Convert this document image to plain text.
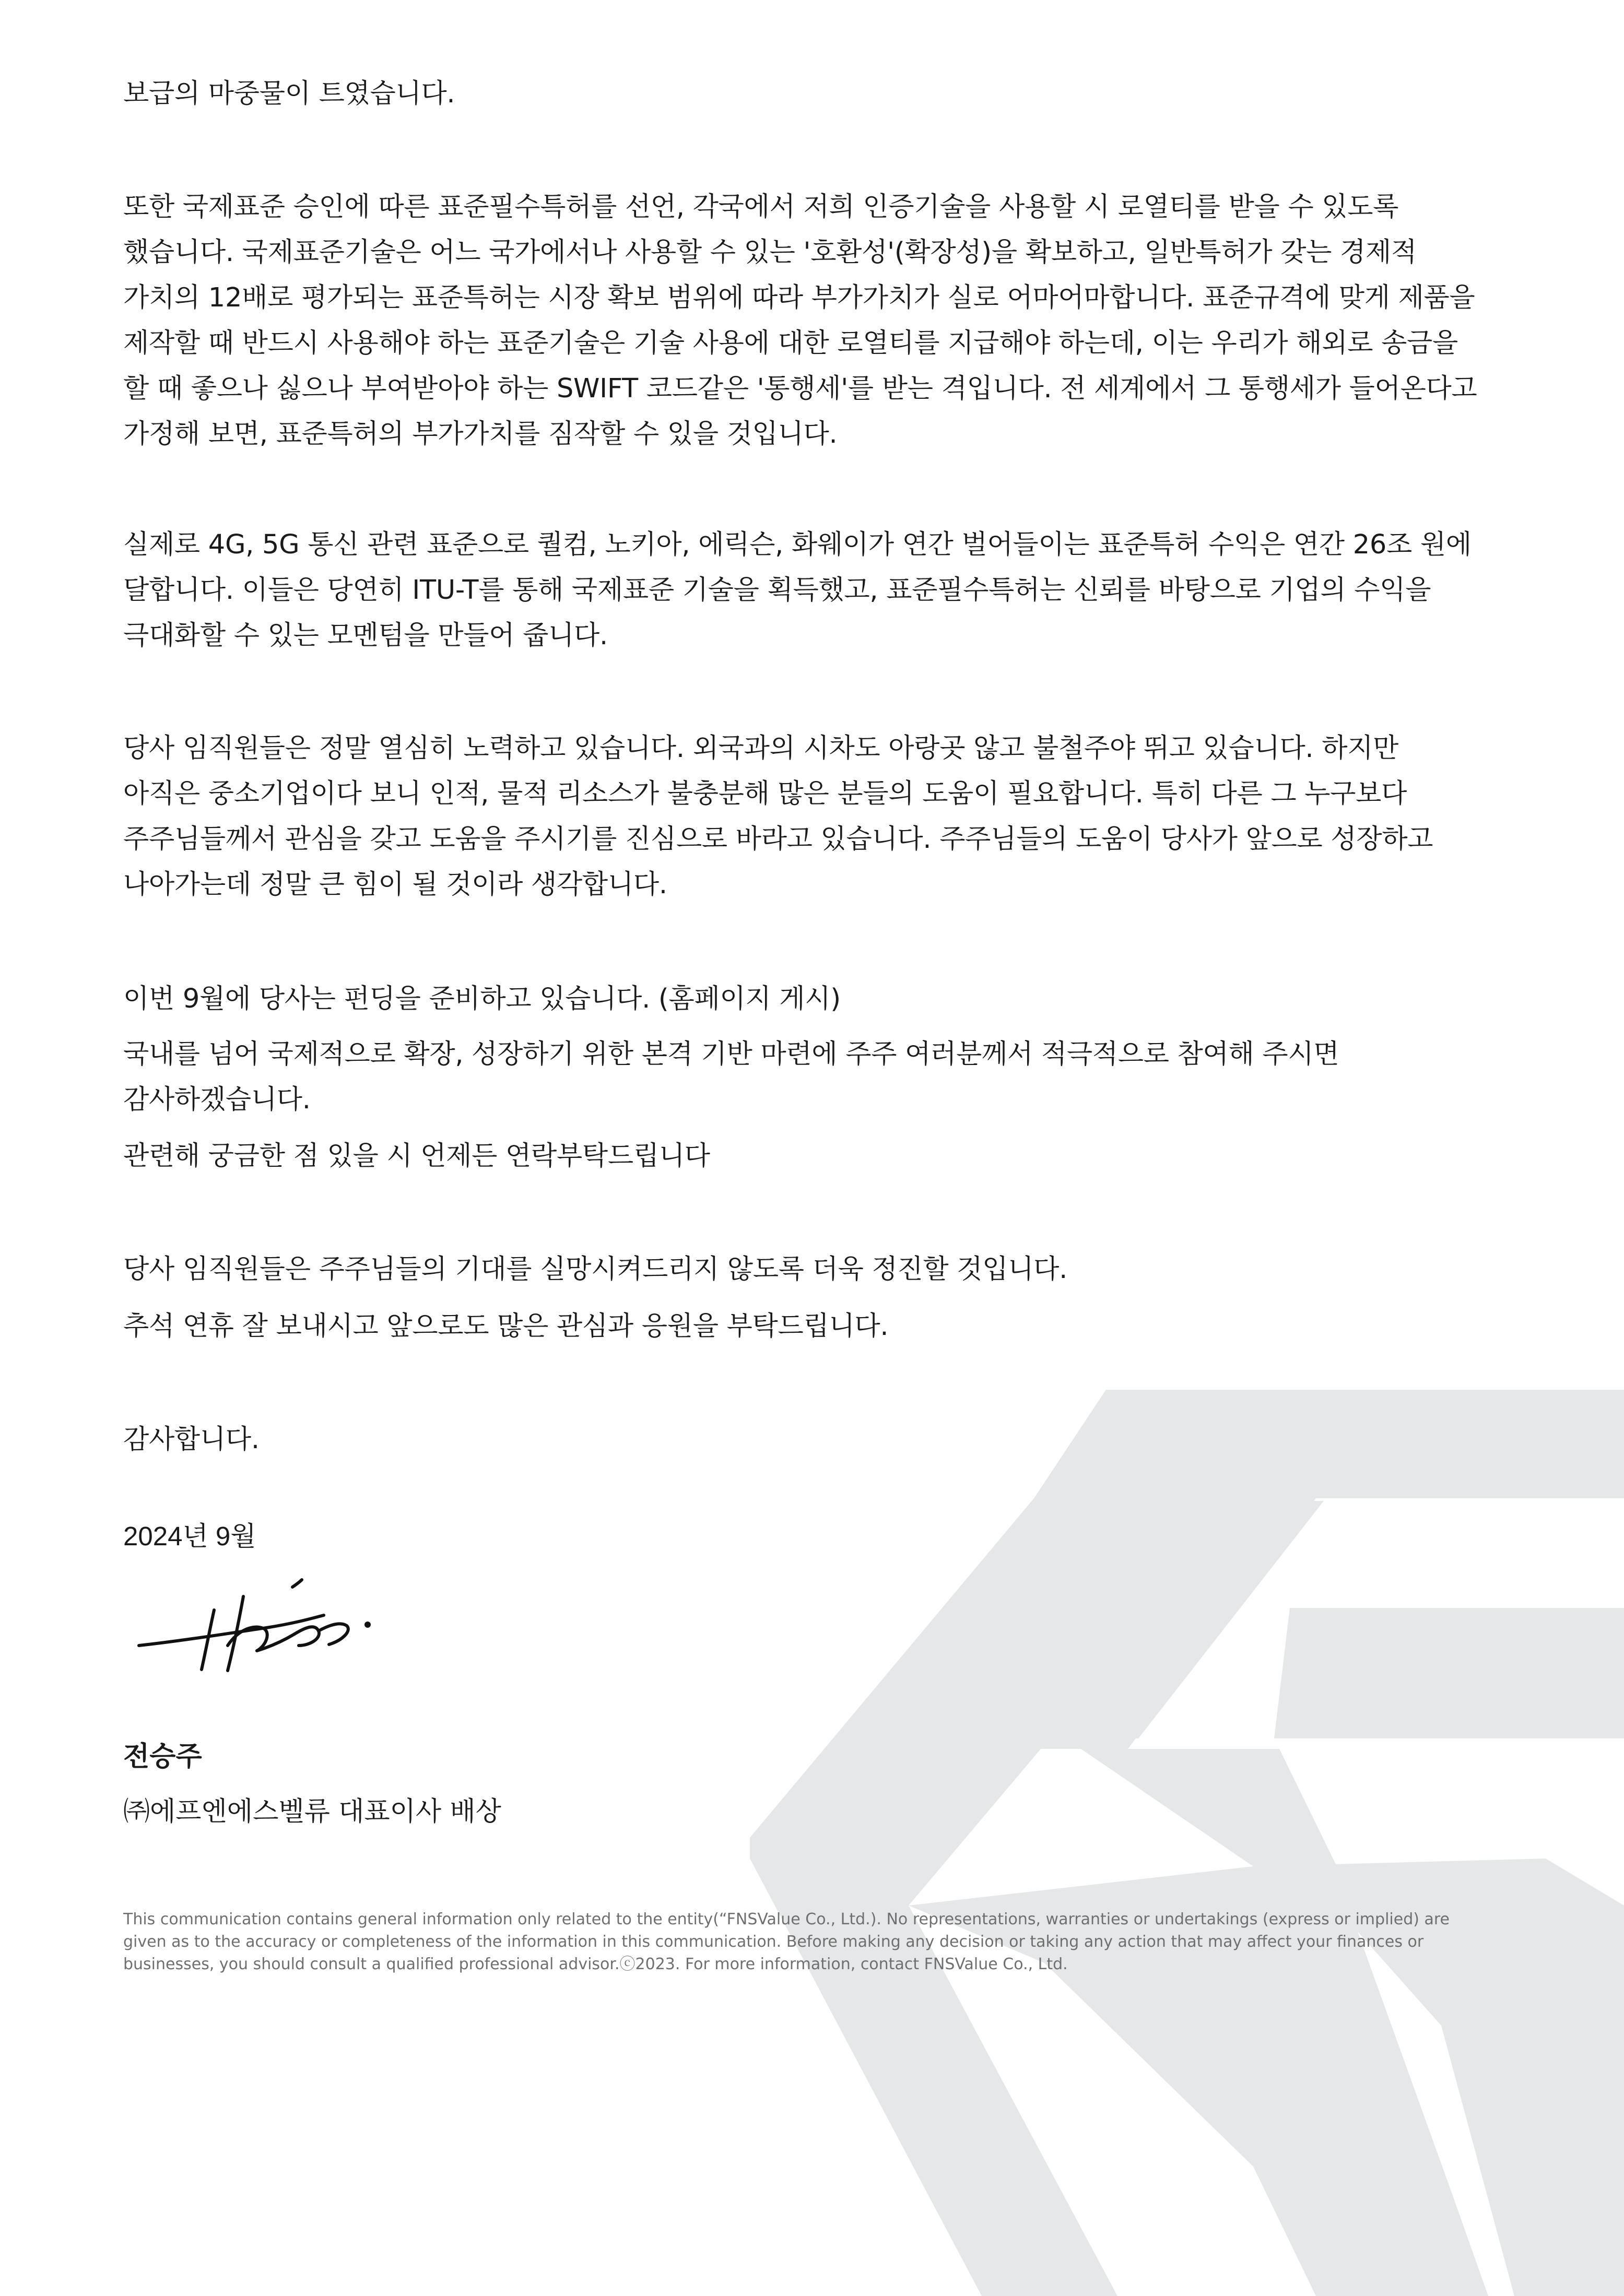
보급의 마중물이 트였습니다.

또한 국제표준 승인에 따른 표준필수특허를 선언, 각국에서 저희 인증기술을 사용할 시 로열티를 받을 수 있도록
했습니다. 국제표준기술은 어느 국가에서나 사용할 수 있는 '호환성'(확장성)을 확보하고, 일반특허가 갖는 경제적
가치의 12배로 평가되는 표준특허는 시장 확보 범위에 따라 부가가치가 실로 어마어마합니다. 표준규격에 맞게 제품을
제작할 때 반드시 사용해야 하는 표준기술은 기술 사용에 대한 로열티를 지급해야 하는데, 이는 우리가 해외로 송금을
할 때 좋으나 싫으나 부여받아야 하는 SWIFT 코드같은 '통행세'를 받는 격입니다. 전 세계에서 그 통행세가 들어온다고
가정해 보면, 표준특허의 부가가치를 짐작할 수 있을 것입니다.

실제로 4G, 5G 통신 관련 표준으로 퀄컴, 노키아, 에릭슨, 화웨이가 연간 벌어들이는 표준특허 수익은 연간 26조 원에
달합니다. 이들은 당연히 ITU-T를 통해 국제표준 기술을 획득했고, 표준필수특허는 신뢰를 바탕으로 기업의 수익을
극대화할 수 있는 모멘텀을 만들어 줍니다.

당사 임직원들은 정말 열심히 노력하고 있습니다. 외국과의 시차도 아랑곳 않고 불철주야 뛰고 있습니다. 하지만
아직은 중소기업이다 보니 인적, 물적 리소스가 불충분해 많은 분들의 도움이 필요합니다. 특히 다른 그 누구보다
주주님들께서 관심을 갖고 도움을 주시기를 진심으로 바라고 있습니다. 주주님들의 도움이 당사가 앞으로 성장하고
나아가는데 정말 큰 힘이 될 것이라 생각합니다.

이번 9월에 당사는 펀딩을 준비하고 있습니다. (홈페이지 게시)

국내를 넘어 국제적으로 확장, 성장하기 위한 본격 기반 마련에 주주 여러분께서 적극적으로 참여해 주시면
감사하겠습니다.

관련해 궁금한 점 있을 시 언제든 연락부탁드립니다

당사 임직원들은 주주님들의 기대를 실망시켜드리지 않도록 더욱 정진할 것입니다.

추석 연휴 잘 보내시고 앞으로도 많은 관심과 응원을 부탁드립니다.

감사합니다.

2024년 9월

전승주

㈜에프엔에스벨류 대표이사 배상

This communication contains general information only related to the entity(“FNSValue Co., Ltd.). No representations, warranties or undertakings (express or implied) are
given as to the accuracy or completeness of the information in this communication. Before making any decision or taking any action that may affect your finances or
businesses, you should consult a qualified professional advisor.ⓒ2023. For more information, contact FNSValue Co., Ltd.
